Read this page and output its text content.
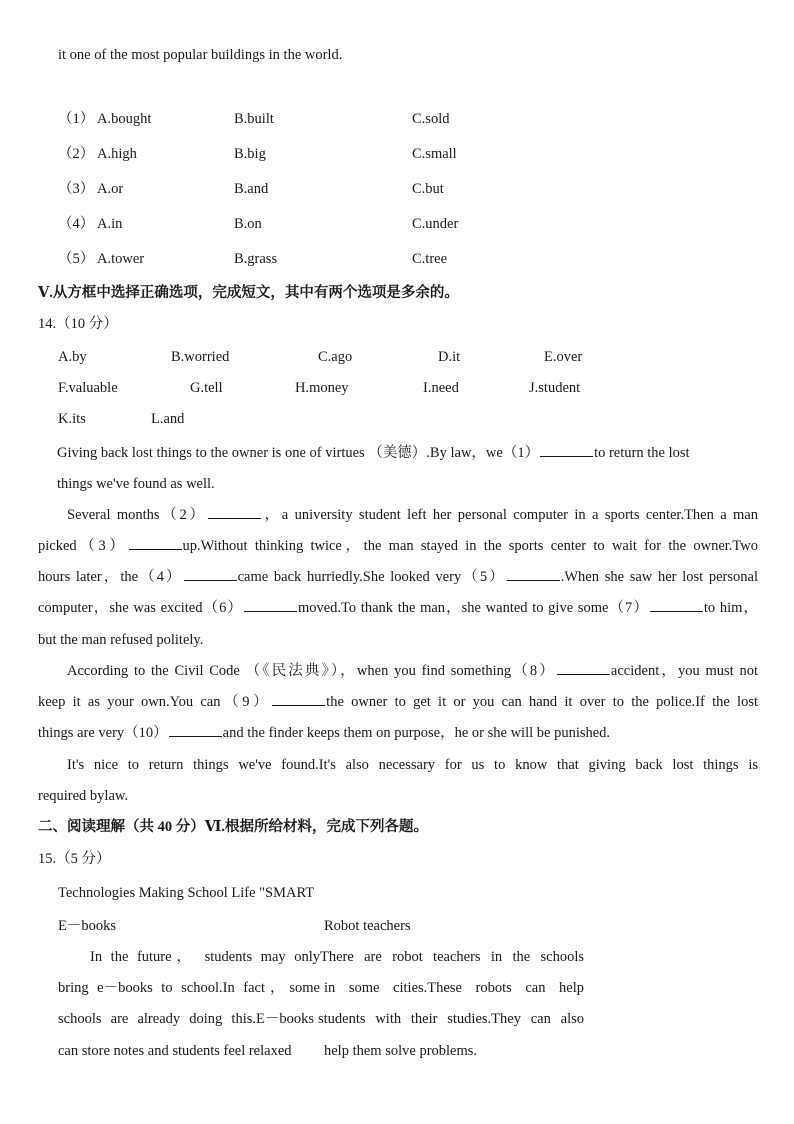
it one of the most popular buildings in the world.
（1） A.bought	B.built	C.sold
（2） A.high	B.big	C.small
（3） A.or	B.and	C.but
（4） A.in	B.on	C.under
（5） A.tower	B.grass	C.tree
Ⅴ.从方框中选择正确选项，完成短文，其中有两个选项是多余的。
14.（10 分）
A.by	B.worried	C.ago	D.it	E.over
F.valuable	G.tell	H.money	I.need	J.student
K.its	L.and
Giving back lost things to the owner is one of virtues （美德）.By law，we（1）	to return the lost
things we've found as well.
Several months（2）	，a university student left her personal computer in a sports center.Then a man
picked（3）	up.Without thinking twice，the man stayed in the sports center to wait for the owner.Two
hours later，the（4）	came back hurriedly.She looked very（5）	.When she saw her lost personal
computer，she was excited（6）	moved.To thank the man，she wanted to give some（7）	to him，
but the man refused politely.
According to the Civil Code （《民法典》），when you find something（8）	accident，you must not
keep it as your own.You can（9）	the owner to get it or you can hand it over to the police.If the lost
things are very（10）	and the finder keeps them on purpose，he or she will be punished.
It's nice to return things we've found.It's also necessary for us to know that giving back lost things is
required bylaw.
二、阅读理解（共 40 分）Ⅵ.根据所给材料，完成下列各题。
15.（5 分）
Technologies Making School Life "SMART
E－books	Robot teachers
In the future， students may only There are robot teachers in the schools
bring e－books to school.In fact，some in some cities.These robots can help
schools are already doing this.E－books students with their studies.They can also
can store notes and students feel relaxed	help them solve problems.
